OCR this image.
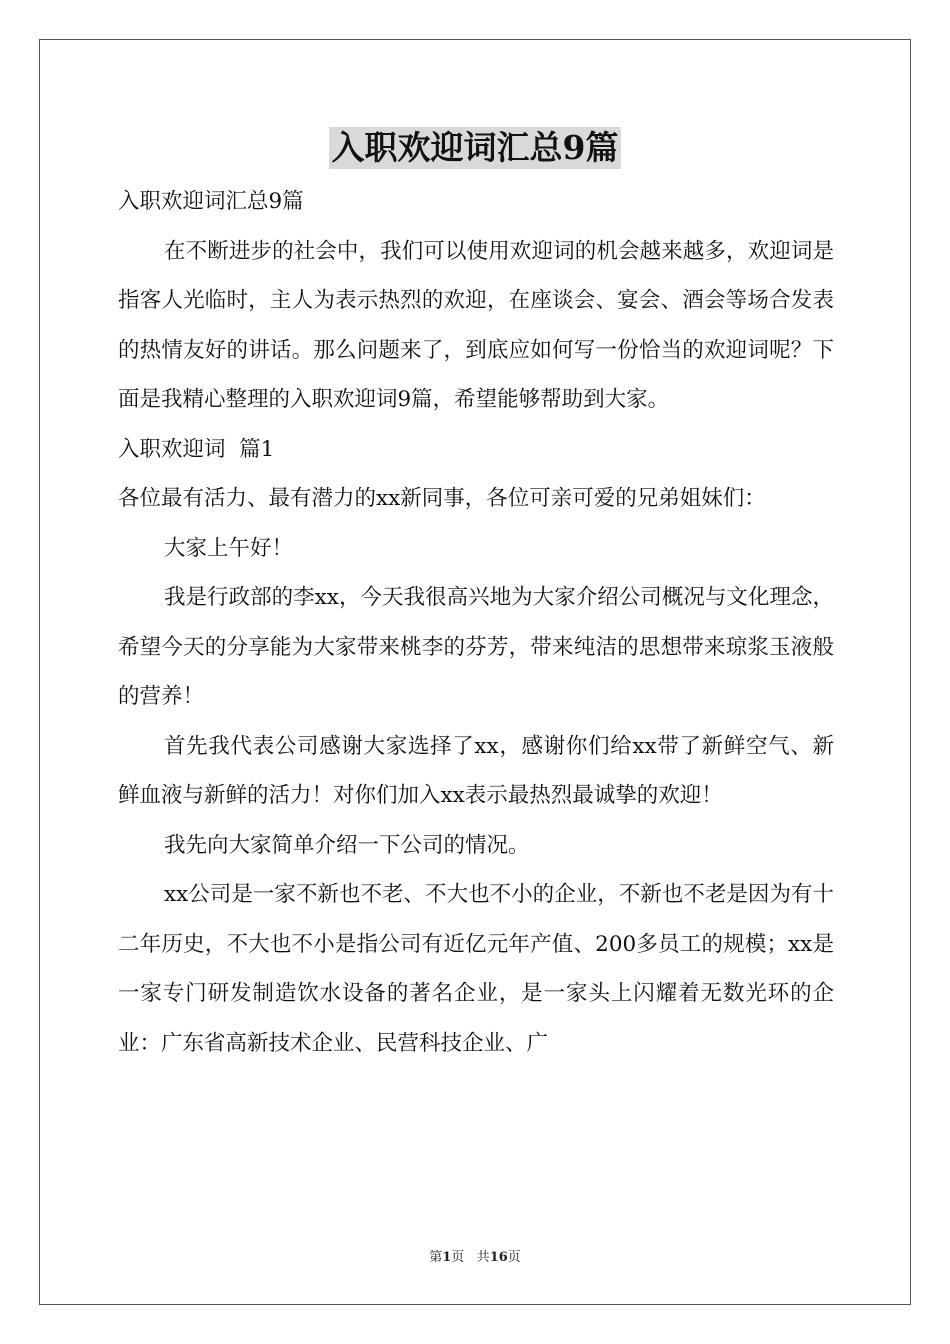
入职欢迎词汇总9篇

入职欢迎词汇总9篇

在不断进步的社会中，我们可以使用欢迎词的机会越来越多，欢迎词是指客人光临时，主人为表示热烈的欢迎，在座谈会、宴会、酒会等场合发表的热情友好的讲话。那么问题来了，到底应如何写一份恰当的欢迎词呢？下面是我精心整理的入职欢迎词9篇，希望能够帮助到大家。

入职欢迎词  篇1

各位最有活力、最有潜力的xx新同事，各位可亲可爱的兄弟姐妹们：

大家上午好！

我是行政部的李xx，今天我很高兴地为大家介绍公司概况与文化理念，希望今天的分享能为大家带来桃李的芬芳，带来纯洁的思想带来琼浆玉液般的营养！

首先我代表公司感谢大家选择了xx，感谢你们给xx带了新鲜空气、新鲜血液与新鲜的活力！对你们加入xx表示最热烈最诚挚的欢迎！

我先向大家简单介绍一下公司的情况。

xx公司是一家不新也不老、不大也不小的企业，不新也不老是因为有十二年历史，不大也不小是指公司有近亿元年产值、200多员工的规模；xx是一家专门研发制造饮水设备的著名企业，是一家头上闪耀着无数光环的企业：广东省高新技术企业、民营科技企业、广

第1页 共16页
